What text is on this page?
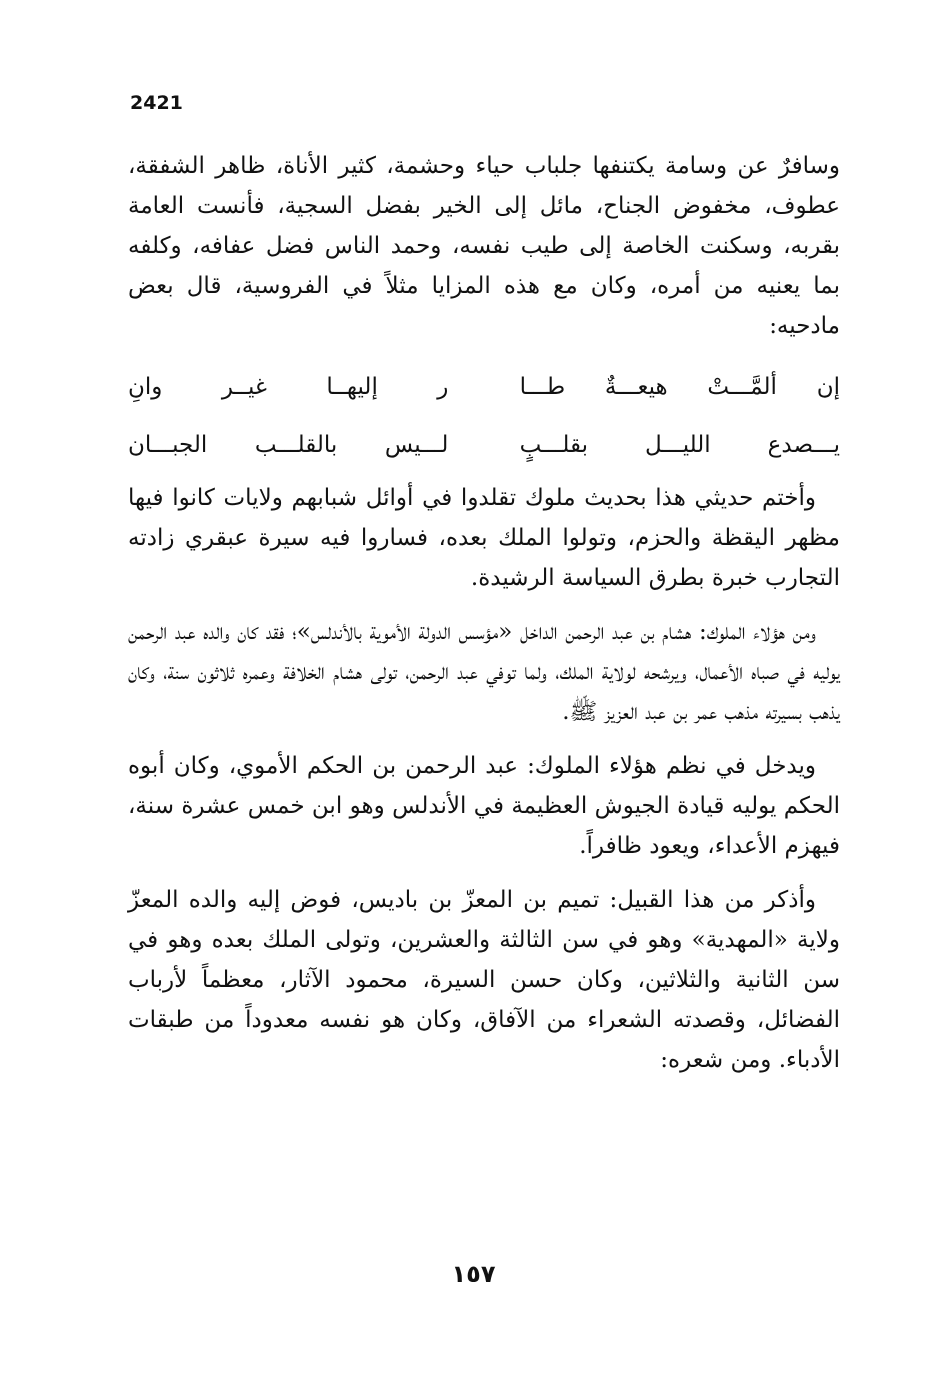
2421

وسافرٌ عن وسامة يكتنفها جلباب حياء وحشمة، كثير الأناة، ظاهر الشفقة، عطوف، مخفوض الجناح، مائل إلى الخير بفضل السجية، فأنست العامة بقربه، وسكنت الخاصة إلى طيب نفسه، وحمد الناس فضل عفافه، وكلفه بما يعنيه من أمره، وكان مع هذه المزايا مثلاً في الفروسية، قال بعض مادحيه:

إن ألمَّـــتْ هيعـــةٌ طـــا
ر إليهــا غيــر وانِ
يـــصدع الليـــل بقلـــبٍ
لـــيس بالقلـــب الجبـــان

وأختم حديثي هذا بحديث ملوك تقلدوا في أوائل شبابهم ولايات كانوا فيها مظهر اليقظة والحزم، وتولوا الملك بعده، فساروا فيه سيرة عبقري زادته التجارب خبرة بطرق السياسة الرشيدة.

ومن هؤلاء الملوك: هشام بن عبد الرحمن الداخل «مؤسس الدولة الأموية بالأندلس»؛ فقد كان والده عبد الرحمن يوليه في صباه الأعمال، ويرشحه لولاية الملك، ولما توفي عبد الرحمن، تولى هشام الخلافة وعمره ثلاثون سنة، وكان يذهب بسيرته مذهب عمر بن عبد العزيز ﷺ.

ويدخل في نظم هؤلاء الملوك: عبد الرحمن بن الحكم الأموي، وكان أبوه الحكم يوليه قيادة الجيوش العظيمة في الأندلس وهو ابن خمس عشرة سنة، فيهزم الأعداء، ويعود ظافراً.

وأذكر من هذا القبيل: تميم بن المعزّ بن باديس، فوض إليه والده المعزّ ولاية «المهدية» وهو في سن الثالثة والعشرين، وتولى الملك بعده وهو في سن الثانية والثلاثين، وكان حسن السيرة، محمود الآثار، معظماً لأرباب الفضائل، وقصدته الشعراء من الآفاق، وكان هو نفسه معدوداً من طبقات الأدباء. ومن شعره:

١٥٧
